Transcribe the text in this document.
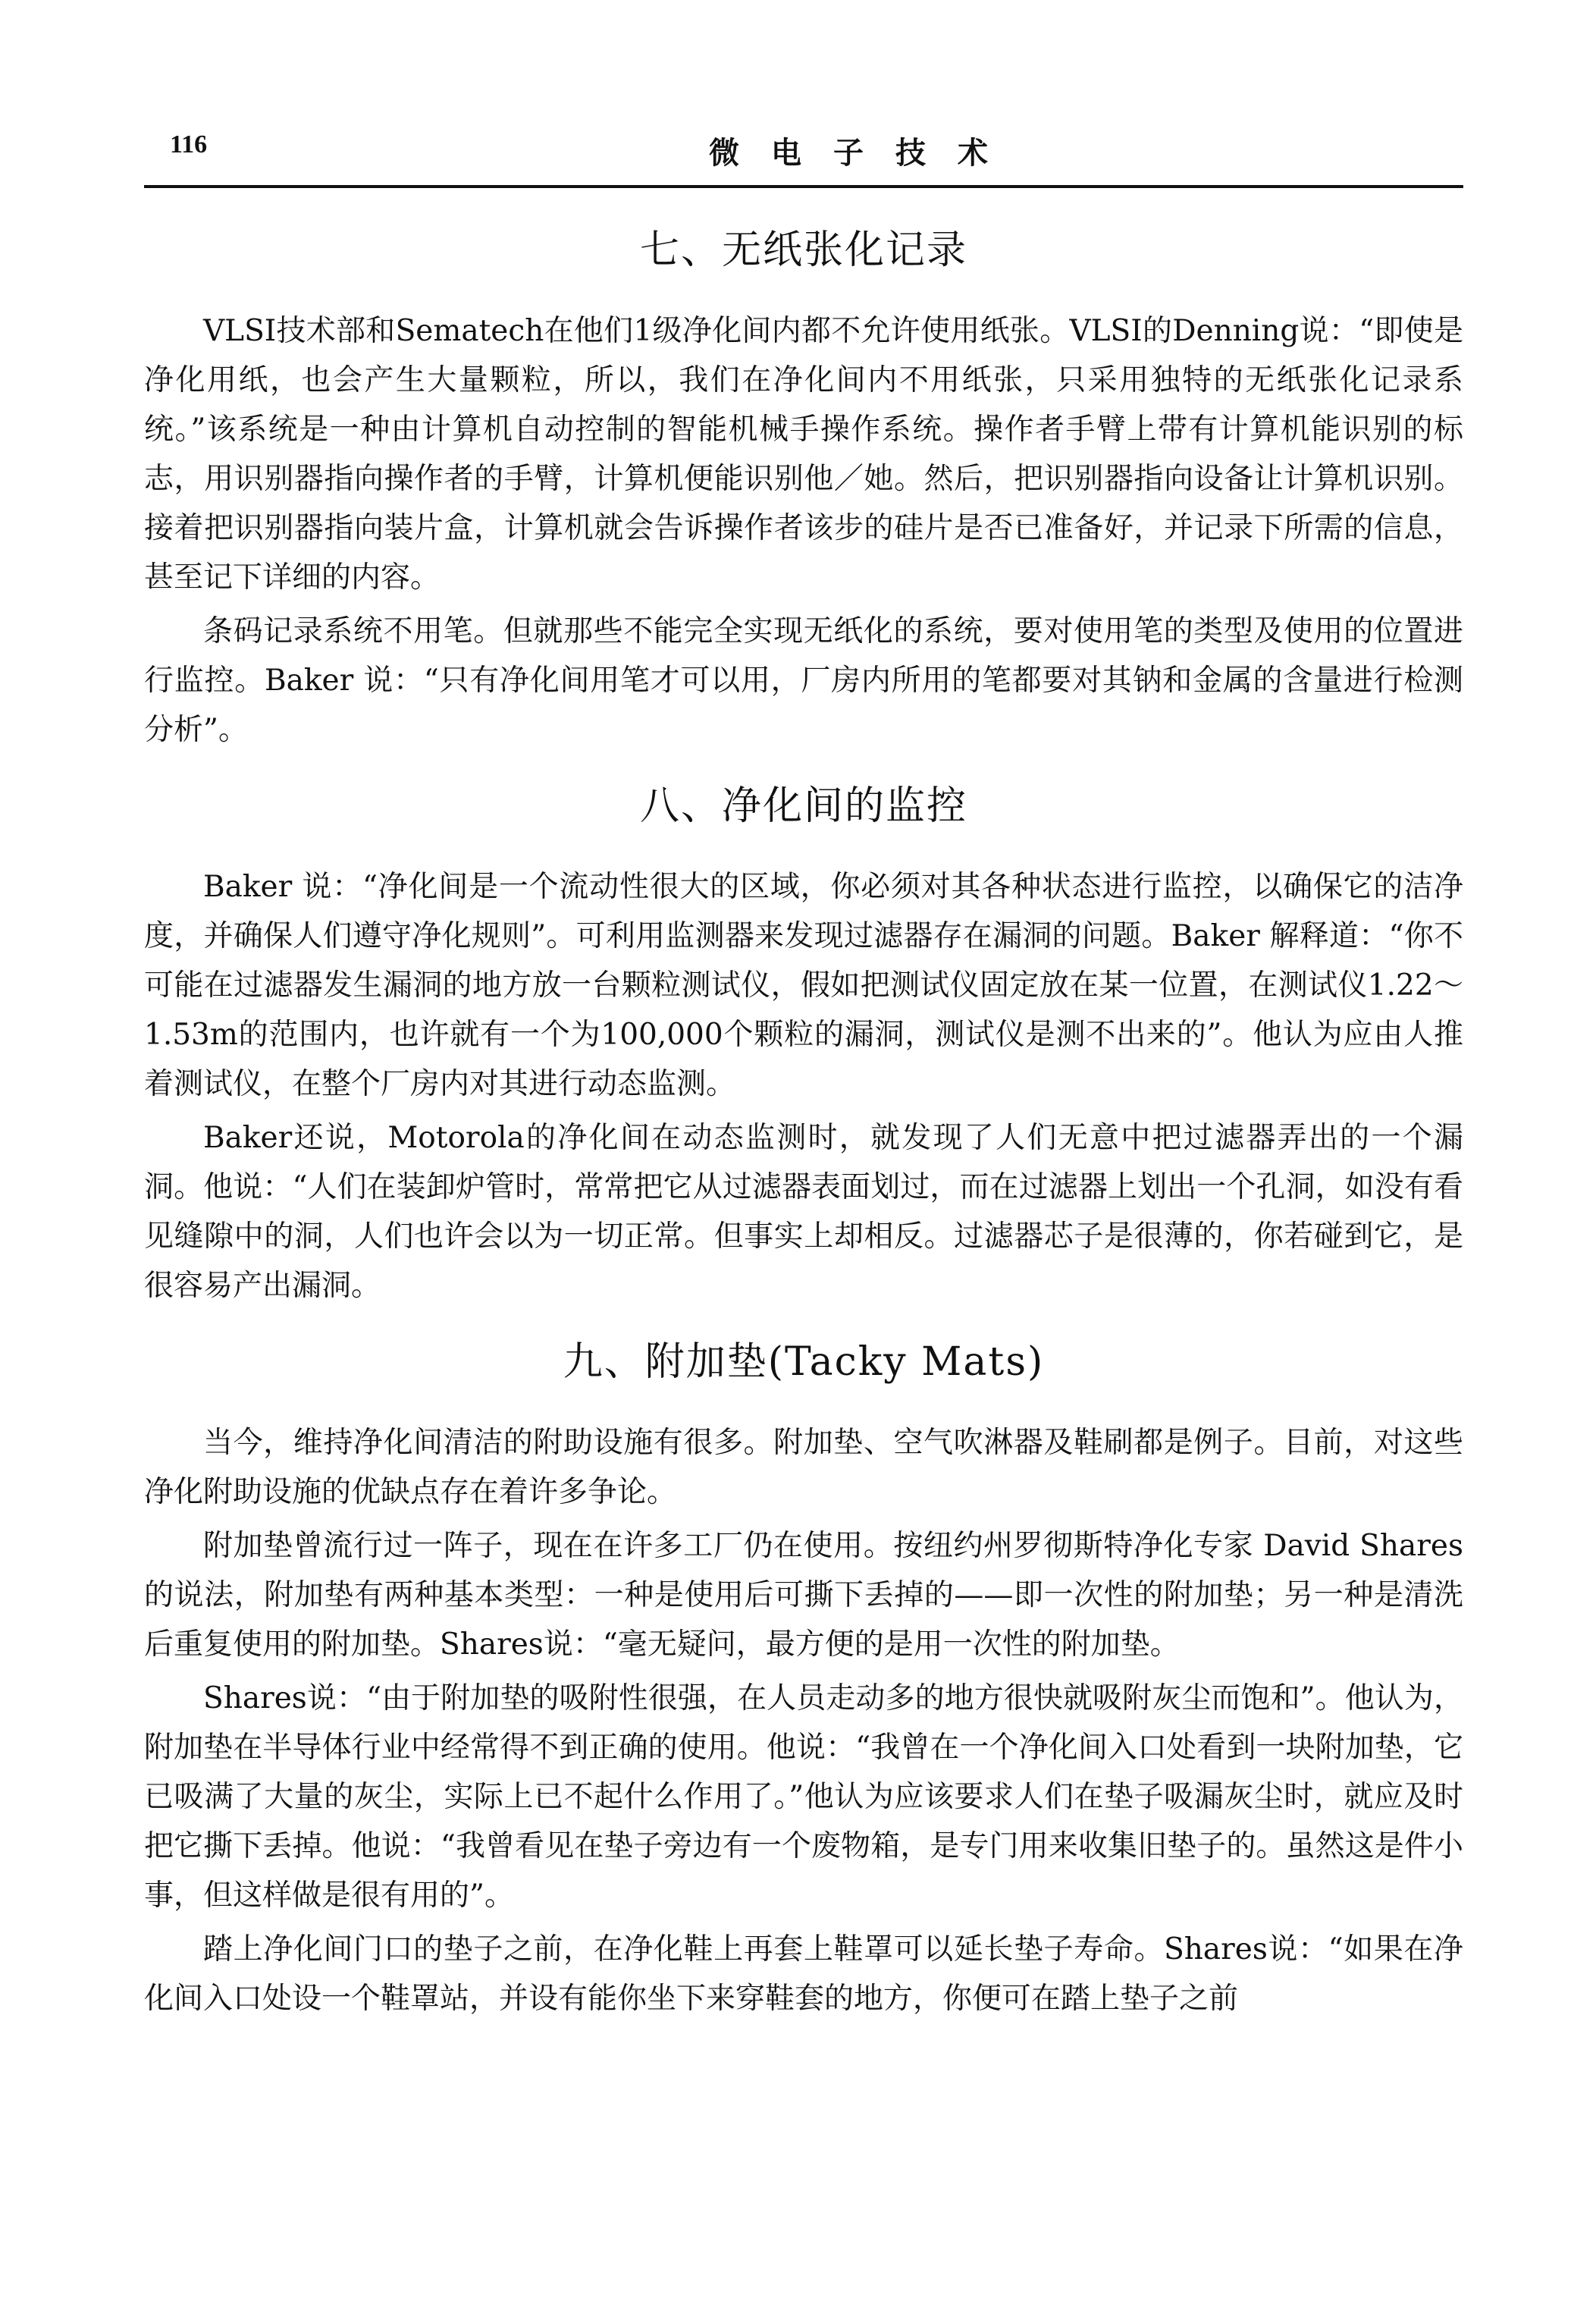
116	微电子技术
七、无纸张化记录

VLSI技术部和Sematech在他们1级净化间内都不允许使用纸张。VLSI的Denning说：“即使是净化用纸，也会产生大量颗粒，所以，我们在净化间内不用纸张，只采用独特的无纸张化记录系统。”该系统是一种由计算机自动控制的智能机械手操作系统。操作者手臂上带有计算机能识别的标志，用识别器指向操作者的手臂，计算机便能识别他／她。然后，把识别器指向设备让计算机识别。接着把识别器指向装片盒，计算机就会告诉操作者该步的硅片是否已准备好，并记录下所需的信息，甚至记下详细的内容。

条码记录系统不用笔。但就那些不能完全实现无纸化的系统，要对使用笔的类型及使用的位置进行监控。Baker 说：“只有净化间用笔才可以用，厂房内所用的笔都要对其钠和金属的含量进行检测分析”。

八、净化间的监控

Baker 说：“净化间是一个流动性很大的区域，你必须对其各种状态进行监控，以确保它的洁净度，并确保人们遵守净化规则”。可利用监测器来发现过滤器存在漏洞的问题。Baker 解释道：“你不可能在过滤器发生漏洞的地方放一台颗粒测试仪，假如把测试仪固定放在某一位置，在测试仪1.22～1.53m的范围内，也许就有一个为100,000个颗粒的漏洞，测试仪是测不出来的”。他认为应由人推着测试仪，在整个厂房内对其进行动态监测。

Baker还说，Motorola的净化间在动态监测时，就发现了人们无意中把过滤器弄出的一个漏洞。他说：“人们在装卸炉管时，常常把它从过滤器表面划过，而在过滤器上划出一个孔洞，如没有看见缝隙中的洞，人们也许会以为一切正常。但事实上却相反。过滤器芯子是很薄的，你若碰到它，是很容易产出漏洞。

九、附加垫(Tacky Mats)

当今，维持净化间清洁的附助设施有很多。附加垫、空气吹淋器及鞋刷都是例子。目前，对这些净化附助设施的优缺点存在着许多争论。

附加垫曾流行过一阵子，现在在许多工厂仍在使用。按纽约州罗彻斯特净化专家 David Shares的说法，附加垫有两种基本类型：一种是使用后可撕下丢掉的——即一次性的附加垫；另一种是清洗后重复使用的附加垫。Shares说：“毫无疑问，最方便的是用一次性的附加垫。

Shares说：“由于附加垫的吸附性很强，在人员走动多的地方很快就吸附灰尘而饱和”。他认为，附加垫在半导体行业中经常得不到正确的使用。他说：“我曾在一个净化间入口处看到一块附加垫，它已吸满了大量的灰尘，实际上已不起什么作用了。”他认为应该要求人们在垫子吸漏灰尘时，就应及时把它撕下丢掉。他说：“我曾看见在垫子旁边有一个废物箱，是专门用来收集旧垫子的。虽然这是件小事，但这样做是很有用的”。

踏上净化间门口的垫子之前，在净化鞋上再套上鞋罩可以延长垫子寿命。Shares说：“如果在净化间入口处设一个鞋罩站，并设有能你坐下来穿鞋套的地方，你便可在踏上垫子之前
